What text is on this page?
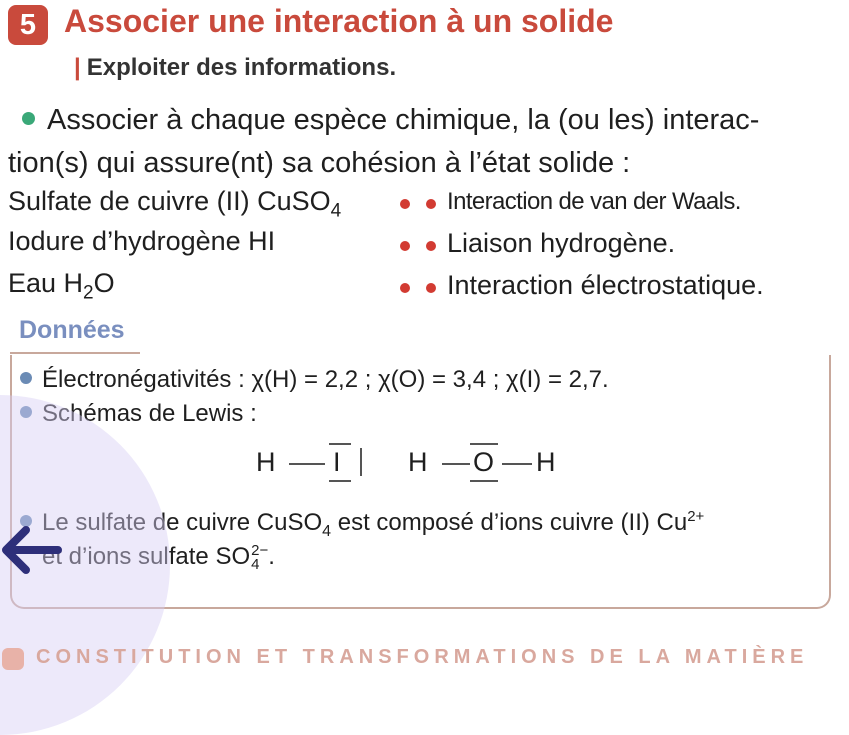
5 Associer une interaction à un solide
| Exploiter des informations.
Associer à chaque espèce chimique, la (ou les) interac-
tion(s) qui assure(nt) sa cohésion à l’état solide :
Sulfate de cuivre (II) CuSO$_4$
Iodure d’hydrogène HI
Eau $H_2O$
Interaction de van der Waals.
Liaison hydrogène.
Interaction électrostatique.
Données
Électronégativités : χ(H) = 2,2 ; χ(O) = 3,4 ; χ(I) = 2,7.
Schémas de Lewis :
H I H O H
Le sulfate de cuivre CuSO$_4$ est composé d’ions cuivre (II) $Cu^{2+}$
et d’ions sulfate SO 2−
4 .
CONSTITUTION ET TRANSFORMATIONS DE LA MATIÈRE
